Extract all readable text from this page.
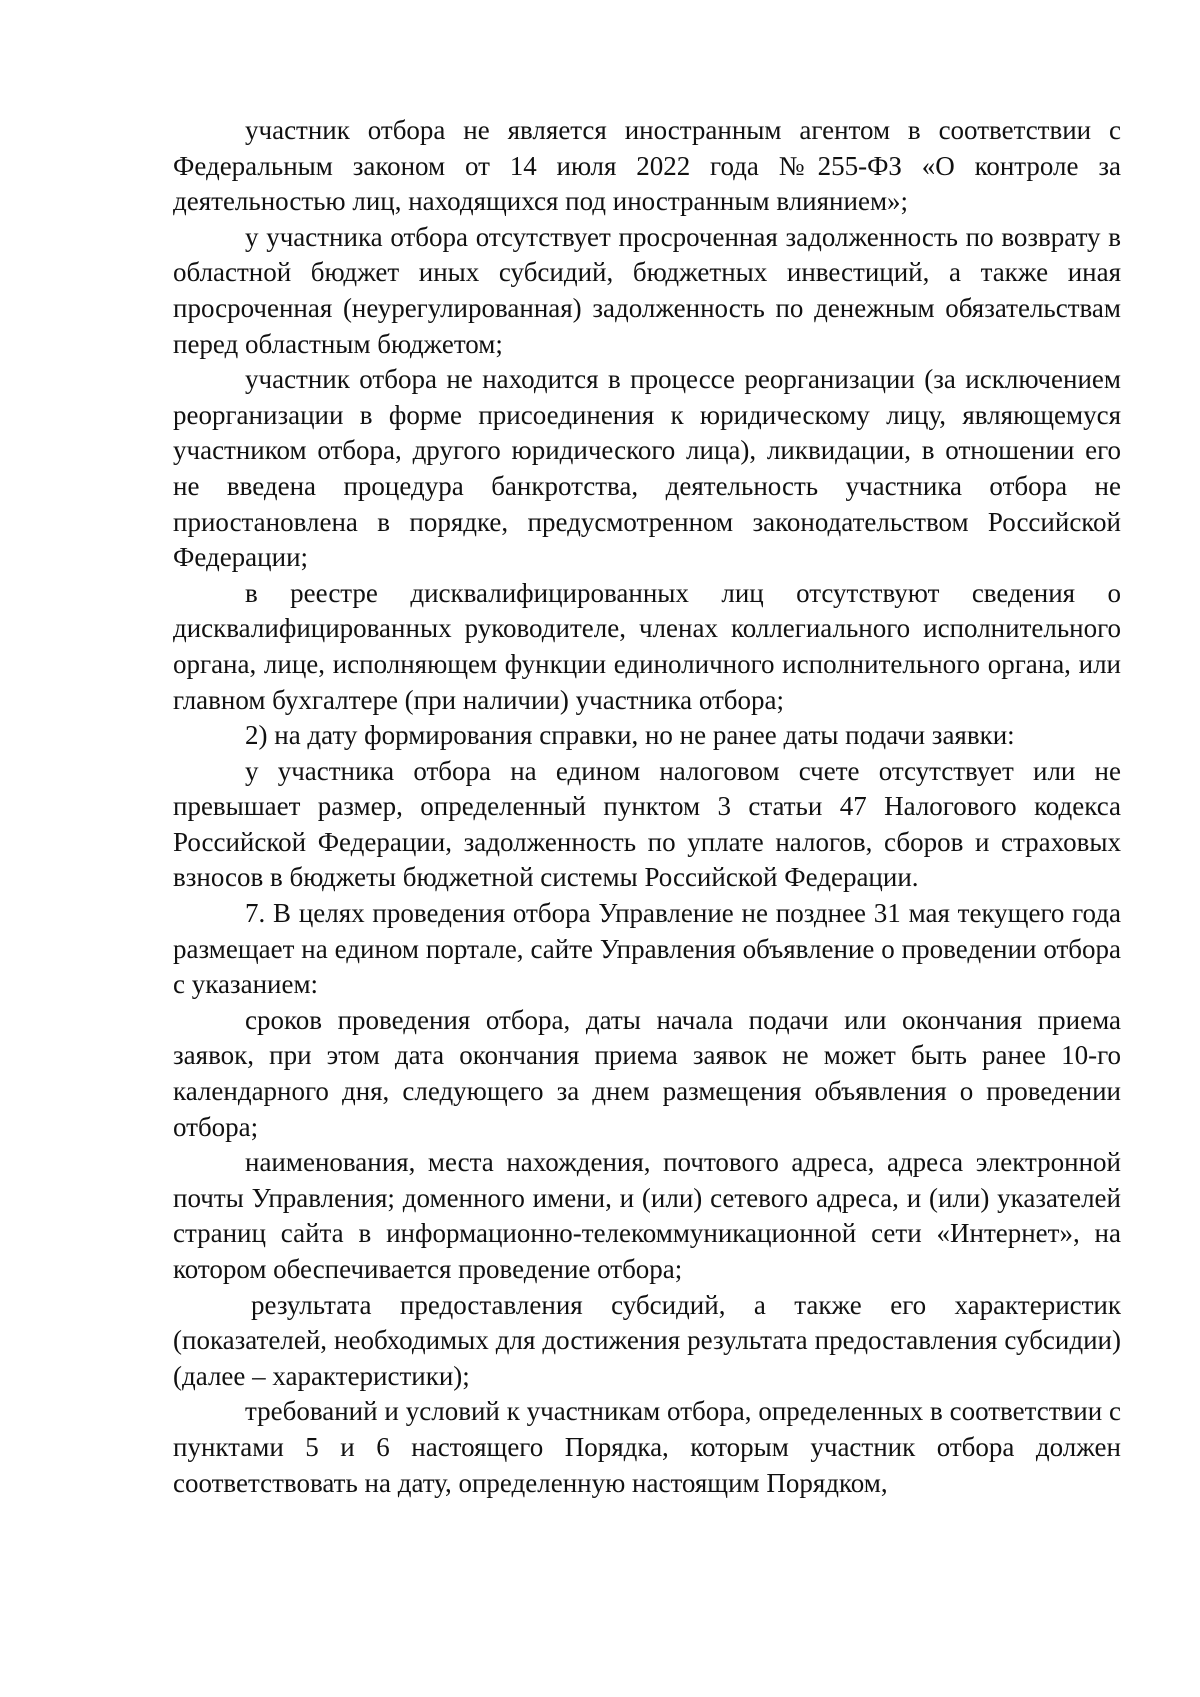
участник отбора не является иностранным агентом в соответствии с Федеральным законом от 14 июля 2022 года №255-ФЗ «О контроле за деятельностью лиц, находящихся под иностранным влиянием»;

у участника отбора отсутствует просроченная задолженность по возврату в областной бюджет иных субсидий, бюджетных инвестиций, а также иная просроченная (неурегулированная) задолженность по денежным обязательствам перед областным бюджетом;

участник отбора не находится в процессе реорганизации (за исключением реорганизации в форме присоединения к юридическому лицу, являющемуся участником отбора, другого юридического лица), ликвидации, в отношении его не введена процедура банкротства, деятельность участника отбора не приостановлена в порядке, предусмотренном законодательством Российской Федерации;

в реестре дисквалифицированных лиц отсутствуют сведения о дисквалифицированных руководителе, членах коллегиального исполнительного органа, лице, исполняющем функции единоличного исполнительного органа, или главном бухгалтере (при наличии) участника отбора;

2) на дату формирования справки, но не ранее даты подачи заявки:

у участника отбора на едином налоговом счете отсутствует или не превышает размер, определенный пунктом 3 статьи 47 Налогового кодекса Российской Федерации, задолженность по уплате налогов, сборов и страховых взносов в бюджеты бюджетной системы Российской Федерации.

7. В целях проведения отбора Управление не позднее 31 мая текущего года размещает на едином портале, сайте Управления объявление о проведении отбора с указанием:

сроков проведения отбора, даты начала подачи или окончания приема заявок, при этом дата окончания приема заявок не может быть ранее 10-го календарного дня, следующего за днем размещения объявления о проведении отбора;

наименования, места нахождения, почтового адреса, адреса электронной почты Управления; доменного имени, и (или) сетевого адреса, и (или) указателей страниц сайта в информационно-телекоммуникационной сети «Интернет», на котором обеспечивается проведение отбора;

результата предоставления субсидий, а также его характеристик (показателей, необходимых для достижения результата предоставления субсидии) (далее – характеристики);

требований и условий к участникам отбора, определенных в соответствии с пунктами 5 и 6 настоящего Порядка, которым участник отбора должен соответствовать на дату, определенную настоящим Порядком,
